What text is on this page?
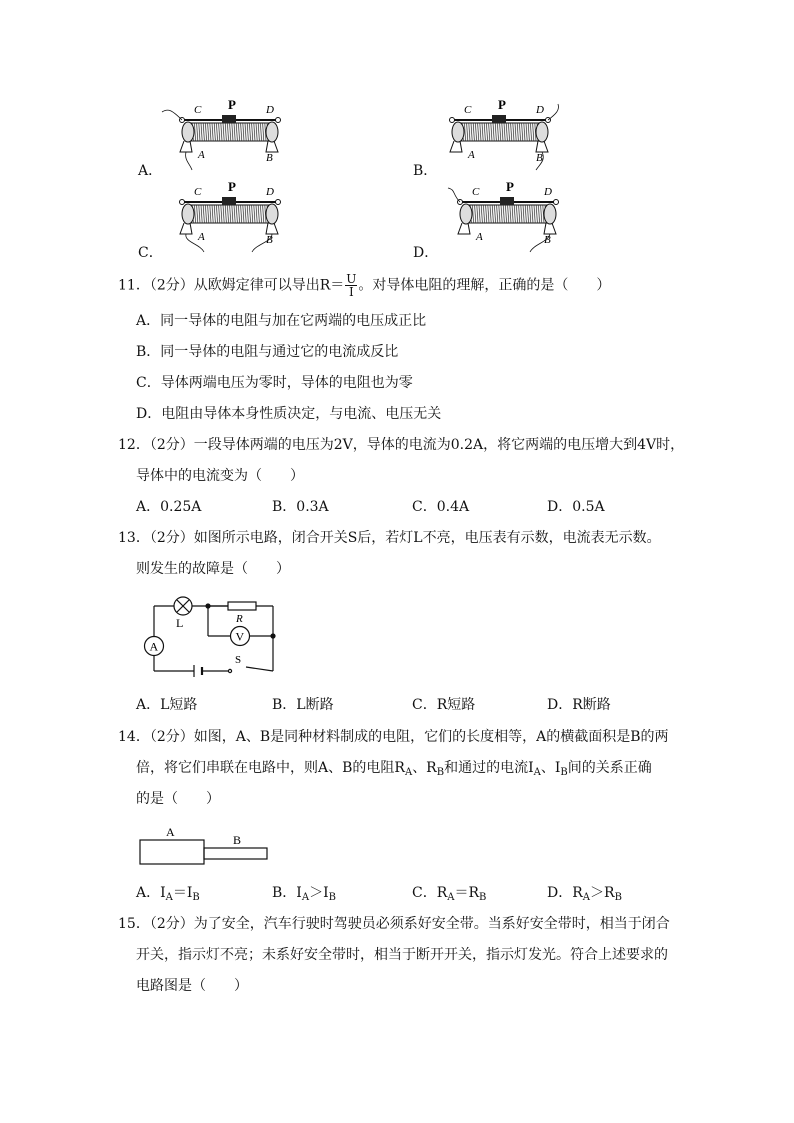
C P	D
A	B
A．
C P	D
A	B
B．
C P	D
A	B
C．
C P	D
A	B
D．
11．（2分）从欧姆定律可以导出$R= \frac{U}{I}$ 。对导体电阻的理解，正确的是（　　）
A．同一导体的电阻与加在它两端的电压成正比
B．同一导体的电阻与通过它的电流成反比
C．导体两端电压为零时，导体的电阻也为零
D．电阻由导体本身性质决定，与电流、电压无关
12．（2分）一段导体两端的电压为2V，导体的电流为0.2A，将它两端的电压增大到4V时，
导体中的电流变为（　　）
A．0.25A	B．0.3A	C．0.4A	D．0.5A
13．（2分）如图所示电路，闭合开关S后，若灯L不亮，电压表有示数，电流表无示数。
则发生的故障是（　　）
L	R
V
A
S
A．L短路	B．L断路	C．R短路	D．R断路
14．（2分）如图，A、B是同种材料制成的电阻，它们的长度相等，A的横截面积是B的两
倍，将它们串联在电路中，则A、B的电阻$R_A$、$R_B$和通过的电流$I_A$、$I_B$间的关系正确
的是（　　）
A
B
A．$I_A=I_B$	B．$I_A>I_B$	C．$R_A=R_B$	D．$R_A>R_B$
15．（2分）为了安全，汽车行驶时驾驶员必须系好安全带。当系好安全带时，相当于闭合
开关，指示灯不亮；未系好安全带时，相当于断开开关，指示灯发光。符合上述要求的
电路图是（　　）
